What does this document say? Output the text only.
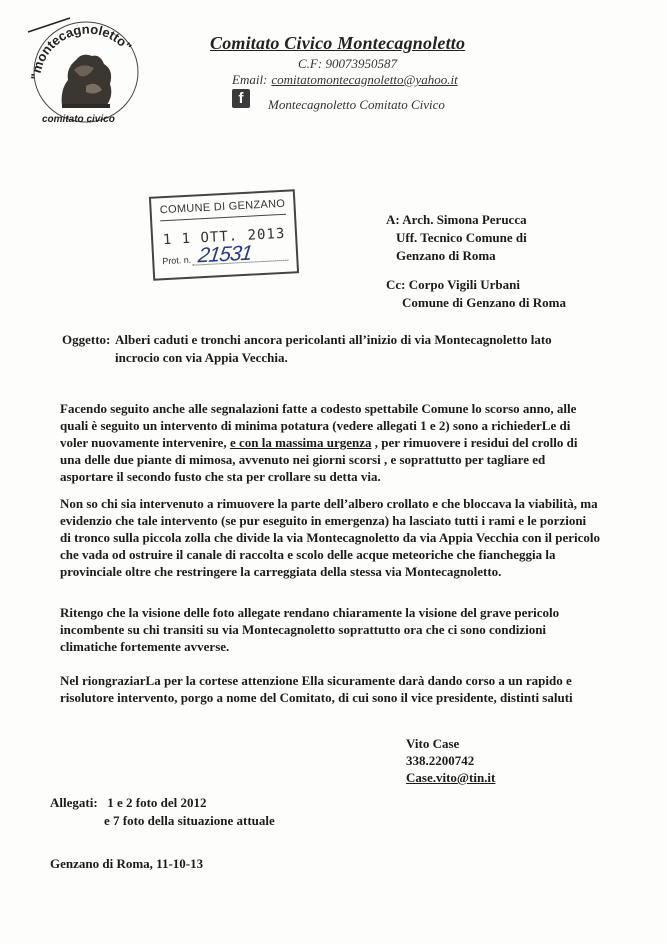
"montecagnoletto"
comitato civico
Comitato Civico Montecagnoletto
C.F: 90073950587
Email: comitatomontecagnoletto@yahoo.it
f	Montecagnoletto Comitato Civico
COMUNE DI GENZANO
1 1 OTT. 2013
Prot. n. 21531
A: Arch. Simona Perucca
Uff. Tecnico Comune di
Genzano di Roma
Cc: Corpo Vigili Urbani
Comune di Genzano di Roma
Oggetto: Alberi caduti e tronchi ancora pericolanti all’inizio di via Montecagnoletto lato
incrocio con via Appia Vecchia.
Facendo seguito anche alle segnalazioni fatte a codesto spettabile Comune lo scorso anno, alle quali è seguito un intervento di minima potatura (vedere allegati 1 e 2) sono a richiederLe di voler nuovamente intervenire, e con la massima urgenza , per rimuovere i residui del crollo di una delle due piante di mimosa, avvenuto nei giorni scorsi , e soprattutto per tagliare ed asportare il secondo fusto che sta per crollare su detta via.
Non so chi sia intervenuto a rimuovere la parte dell’albero crollato e che bloccava la viabilità, ma evidenzio che tale intervento (se pur eseguito in emergenza) ha lasciato tutti i rami e le porzioni di tronco sulla piccola zolla che divide la via Montecagnoletto da via Appia Vecchia con il pericolo che vada od ostruire il canale di raccolta e scolo delle acque meteoriche che fiancheggia la provinciale oltre che restringere la carreggiata della stessa via Montecagnoletto.
Ritengo che la visione delle foto allegate rendano chiaramente la visione del grave pericolo incombente su chi transiti su via Montecagnoletto soprattutto ora che ci sono condizioni climatiche fortemente avverse.
Nel riongraziarLa per la cortese attenzione Ella sicuramente darà dando corso a un rapido e risolutore intervento, porgo a nome del Comitato, di cui sono il vice presidente, distinti saluti
Vito Case
338.2200742
Case.vito@tin.it
Allegati: 1 e 2 foto del 2012
e 7 foto della situazione attuale
Genzano di Roma, 11-10-13
